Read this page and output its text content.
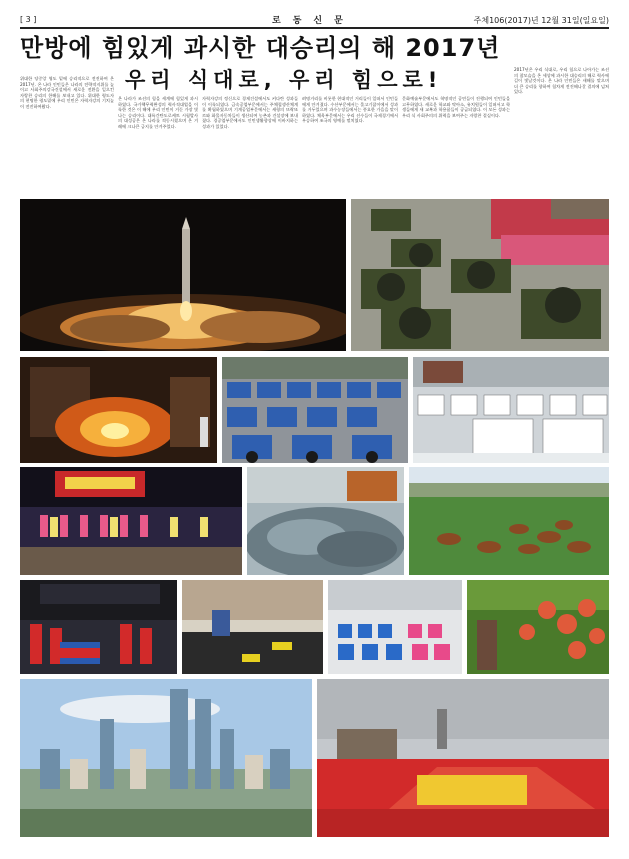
[ 3 ]	로동신문	주체106(2017)년 12월 31일(일요일)
만방에 힘있게 과시한 대승리의 해 2017년
우리 식대로, 우리 힘으로!
위대한 당중앙 영도 밑에 승리적으로 전진하여 온 2017년. 온 나라 인민들은 나라의 전략적지위를 높이고 사회주의강국건설에서 새로운 전환을 일으킨 자랑찬 승리의 한해를 보내고 있다. 위대한 령도자의 현명한 령도밑에 우리 인민은 자력자강의 기치높이 전진하여왔다.
온 나라가 조선의 힘을 세계에 힘있게 과시하였다. 국가핵무력완성의 력사적대업을 이룩한 것은 이 해에 우리 인민이 거둔 가장 빛나는 승리이다. 대륙간탄도로케트 시험발사의 대성공은 온 나라를 격동시켰으며 온 겨레에 크나큰 긍지를 안겨주었다.
자력자강의 정신으로 경제건설에서도 커다란 성과들이 이룩되였다. 금속공업부문에서는 주체철생산체계를 확립하였으며 기계공업부문에서는 새형의 뜨락또르와 화물자동차들이 생산되여 농촌과 건설장에 보내졌다. 경공업부문에서도 인민생활향상에 이바지하는 성과가 있었다.
려명거리를 비롯한 현대적인 거리들이 일떠서 인민들에게 안겨졌다. 수산부문에서는 물고기잡이에서 성과를 거두었으며 과수농장들에서는 풍요한 가을을 맞이하였다. 체육부문에서는 우리 선수들이 국제경기에서 우승하여 조국의 영예를 떨치였다.
문화예술부문에서도 혁명적인 공연들이 진행되여 인민들을 고무하였다. 새로운 학교와 탁아소, 유치원들이 일떠서고 학생들에게 새 교복과 학용품들이 공급되였다. 이 모든 성과는 우리 식 사회주의의 위력을 보여주는 자랑찬 결실이다.
2017년은 우리 식대로, 우리 힘으로 나아가는 조선의 참모습을 온 세상에 과시한 대승리의 해로 력사에 길이 빛날것이다. 온 나라 인민들은 새해를 맞으며 더 큰 승리를 향하여 힘차게 전진해나갈 결의에 넘쳐있다.
